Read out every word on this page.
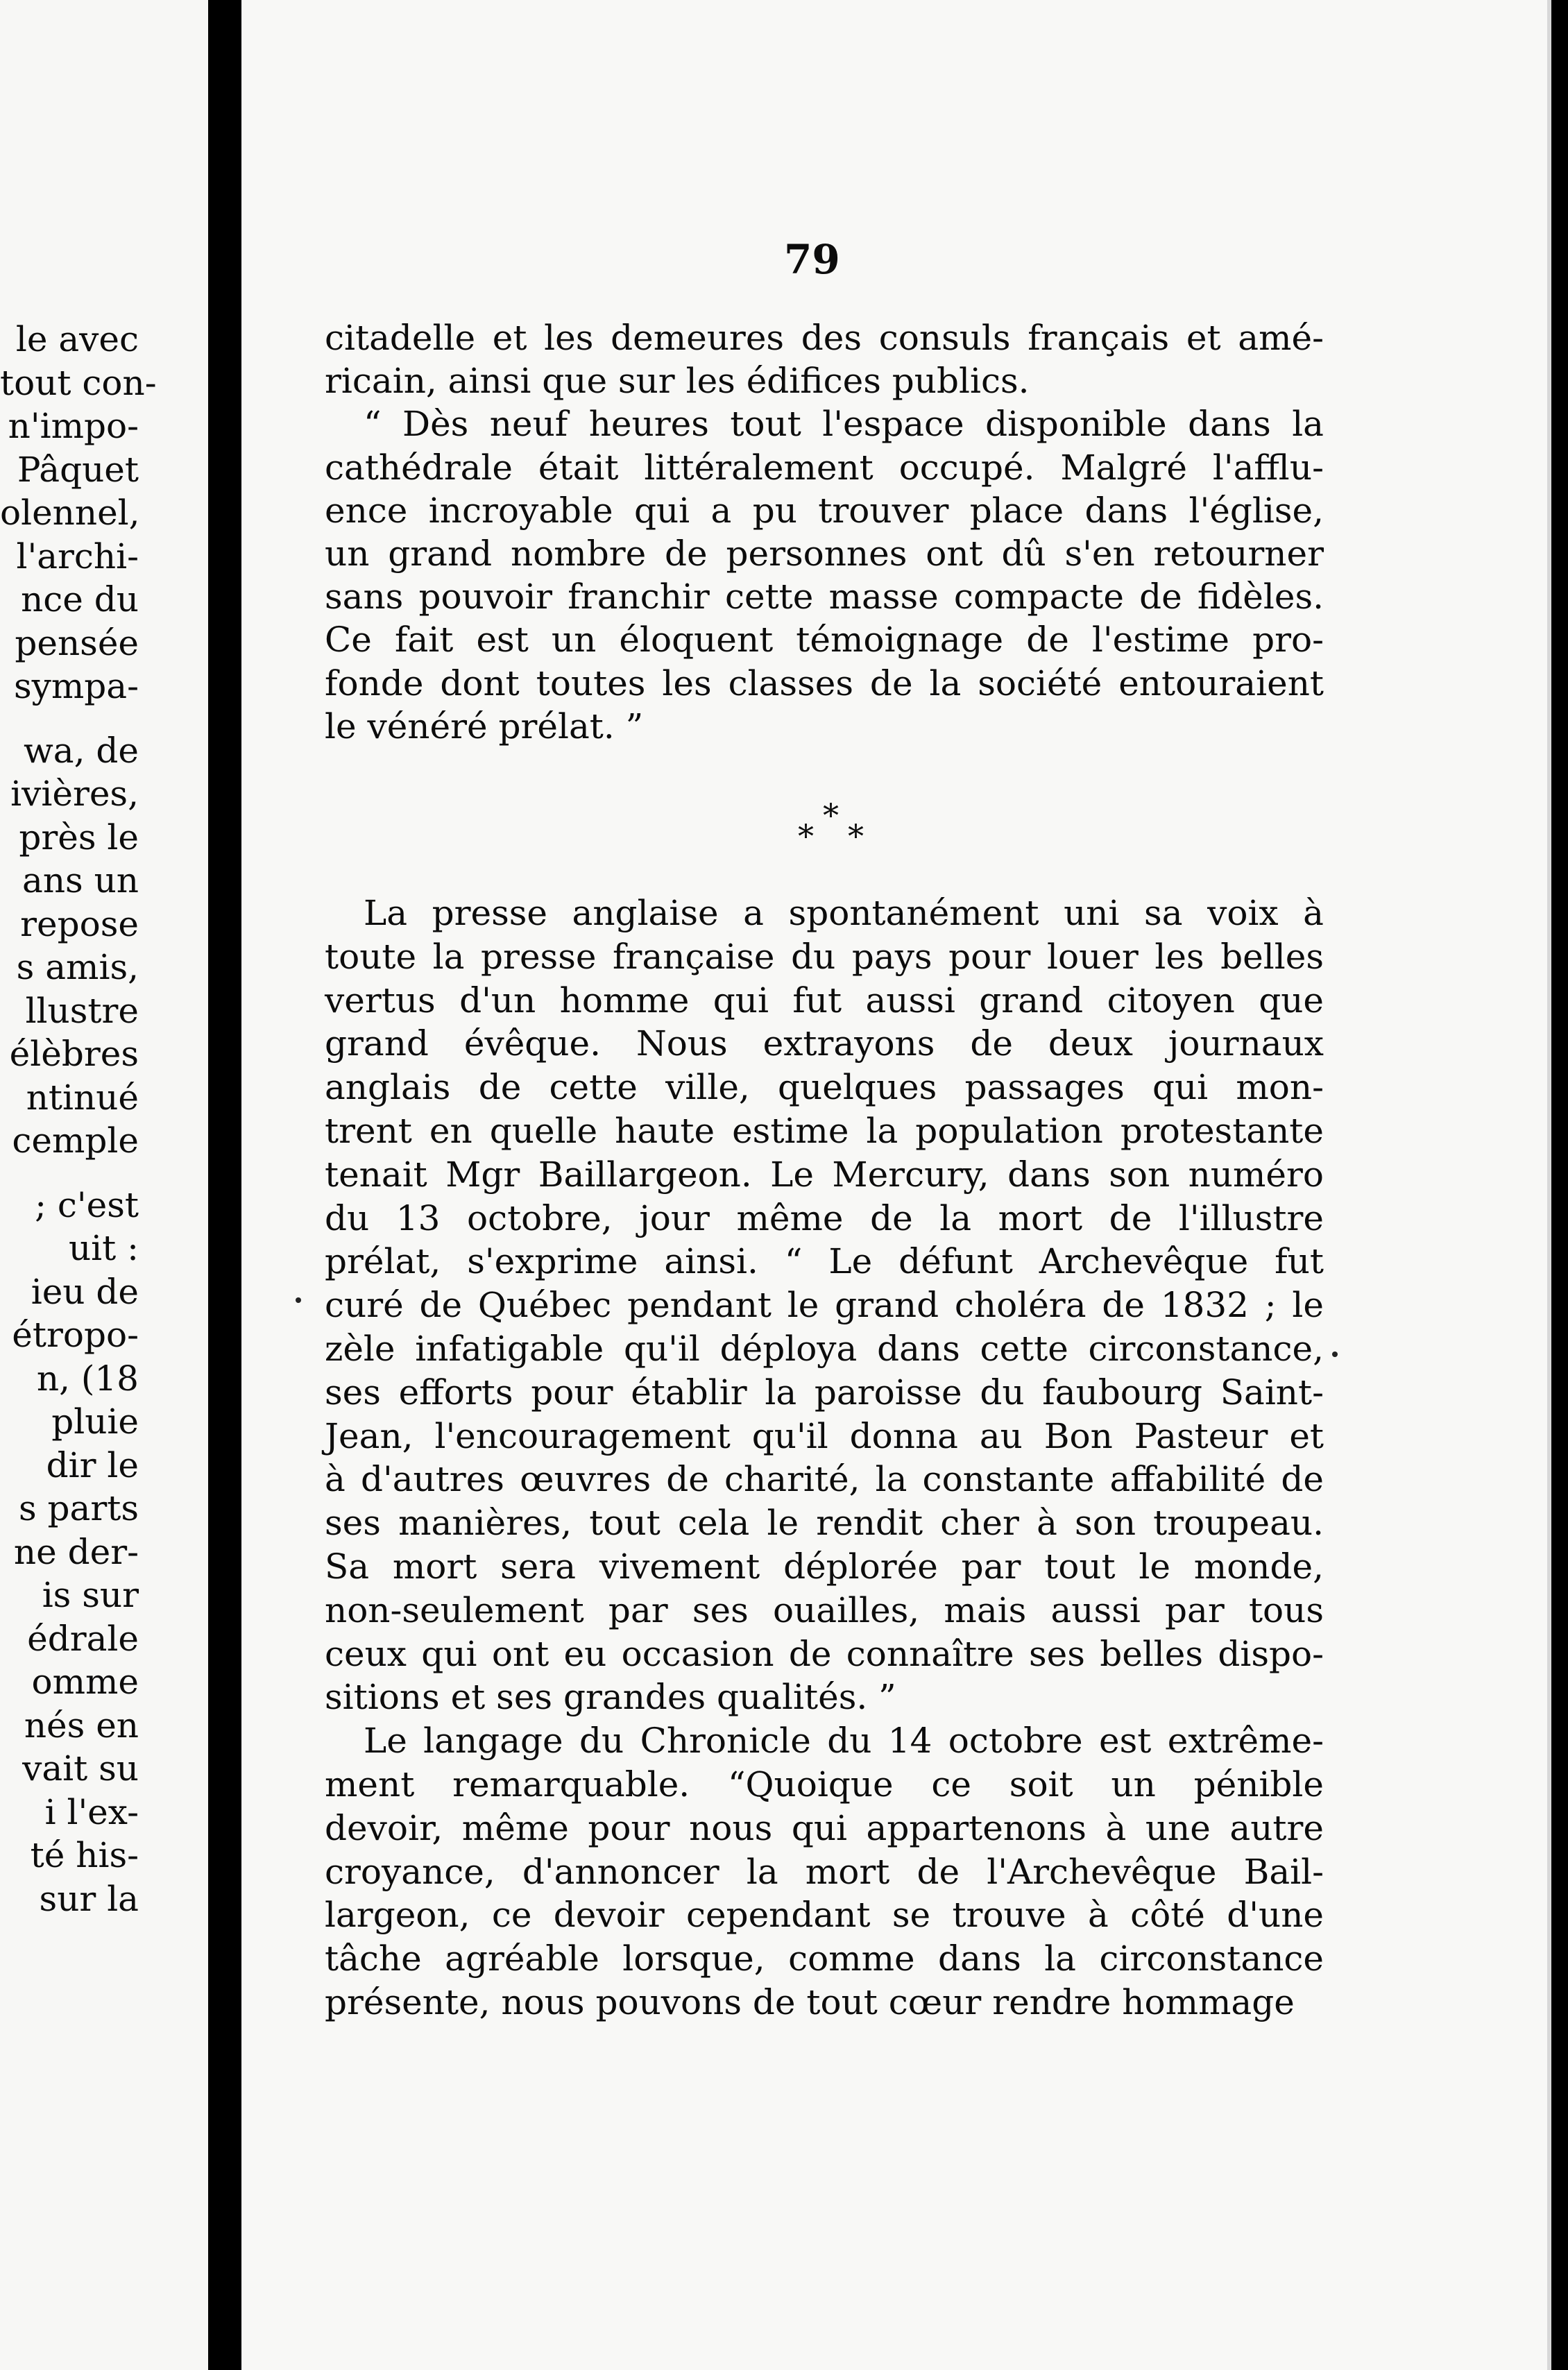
le avec
tout con-
n'impo-
Pâquet
olennel,
l'archi-
nce du
pensée
sympa-
wa, de
ivières,
près le
ans un
repose
s amis,
llustre
élèbres
ntinué
cemple
; c'est
uit :
ieu de
étropo-
n, (18
pluie
dir le
s parts
ne der-
is sur
édrale
omme
nés en
vait su
i l'ex-
té his-
sur la
79
citadelle et les demeures des consuls français et amé-
ricain, ainsi que sur les édifices publics.
“ Dès neuf heures tout l'espace disponible dans la
cathédrale était littéralement occupé. Malgré l'afflu-
ence incroyable qui a pu trouver place dans l'église,
un grand nombre de personnes ont dû s'en retourner
sans pouvoir franchir cette masse compacte de fidèles.
Ce fait est un éloquent témoignage de l'estime pro-
fonde dont toutes les classes de la société entouraient
le vénéré prélat. ”
*
* *
La presse anglaise a spontanément uni sa voix à
toute la presse française du pays pour louer les belles
vertus d'un homme qui fut aussi grand citoyen que
grand évêque. Nous extrayons de deux journaux
anglais de cette ville, quelques passages qui mon-
trent en quelle haute estime la population protestante
tenait Mgr Baillargeon. Le Mercury, dans son numéro
du 13 octobre, jour même de la mort de l'illustre
prélat, s'exprime ainsi. “ Le défunt Archevêque fut
curé de Québec pendant le grand choléra de 1832 ; le
zèle infatigable qu'il déploya dans cette circonstance,
ses efforts pour établir la paroisse du faubourg Saint-
Jean, l'encouragement qu'il donna au Bon Pasteur et
à d'autres œuvres de charité, la constante affabilité de
ses manières, tout cela le rendit cher à son troupeau.
Sa mort sera vivement déplorée par tout le monde,
non-seulement par ses ouailles, mais aussi par tous
ceux qui ont eu occasion de connaître ses belles dispo-
sitions et ses grandes qualités. ”
Le langage du Chronicle du 14 octobre est extrême-
ment remarquable. “Quoique ce soit un pénible
devoir, même pour nous qui appartenons à une autre
croyance, d'annoncer la mort de l'Archevêque Bail-
largeon, ce devoir cependant se trouve à côté d'une
tâche agréable lorsque, comme dans la circonstance
présente, nous pouvons de tout cœur rendre hommage
